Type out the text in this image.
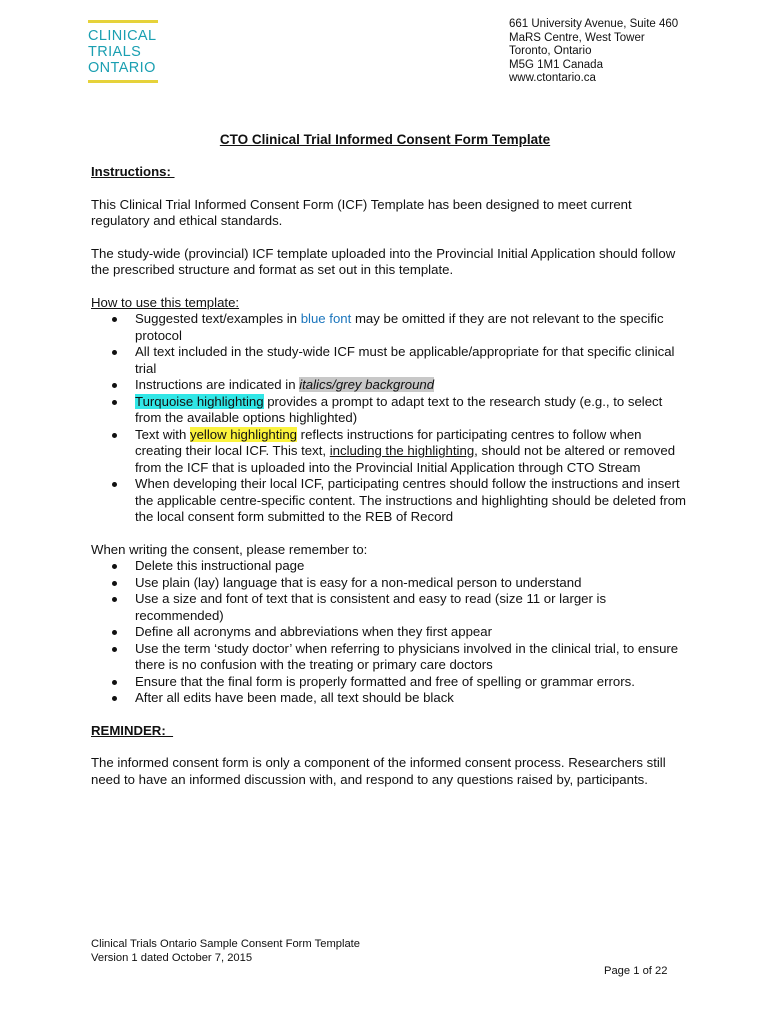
CLINICAL
TRIALS
ONTARIO
661 University Avenue, Suite 460
MaRS Centre, West Tower
Toronto, Ontario
M5G 1M1 Canada
www.ctontario.ca
CTO Clinical Trial Informed Consent Form Template
Instructions:

This Clinical Trial Informed Consent Form (ICF) Template has been designed to meet current regulatory and ethical standards.

The study-wide (provincial) ICF template uploaded into the Provincial Initial Application should follow the prescribed structure and format as set out in this template.

How to use this template:
Suggested text/examples in blue font may be omitted if they are not relevant to the specific protocol
All text included in the study-wide ICF must be applicable/appropriate for that specific clinical trial
Instructions are indicated in italics/grey background
Turquoise highlighting provides a prompt to adapt text to the research study (e.g., to select from the available options highlighted)
Text with yellow highlighting reflects instructions for participating centres to follow when creating their local ICF. This text, including the highlighting, should not be altered or removed from the ICF that is uploaded into the Provincial Initial Application through CTO Stream
When developing their local ICF, participating centres should follow the instructions and insert the applicable centre-specific content. The instructions and highlighting should be deleted from the local consent form submitted to the REB of Record
When writing the consent, please remember to:
Delete this instructional page
Use plain (lay) language that is easy for a non-medical person to understand
Use a size and font of text that is consistent and easy to read (size 11 or larger is recommended)
Define all acronyms and abbreviations when they first appear
Use the term ‘study doctor’ when referring to physicians involved in the clinical trial, to ensure there is no confusion with the treating or primary care doctors
Ensure that the final form is properly formatted and free of spelling or grammar errors.
After all edits have been made, all text should be black
REMINDER:

The informed consent form is only a component of the informed consent process. Researchers still need to have an informed discussion with, and respond to any questions raised by, participants.

Clinical Trials Ontario Sample Consent Form Template
Version 1 dated October 7, 2015
Page 1 of 22
